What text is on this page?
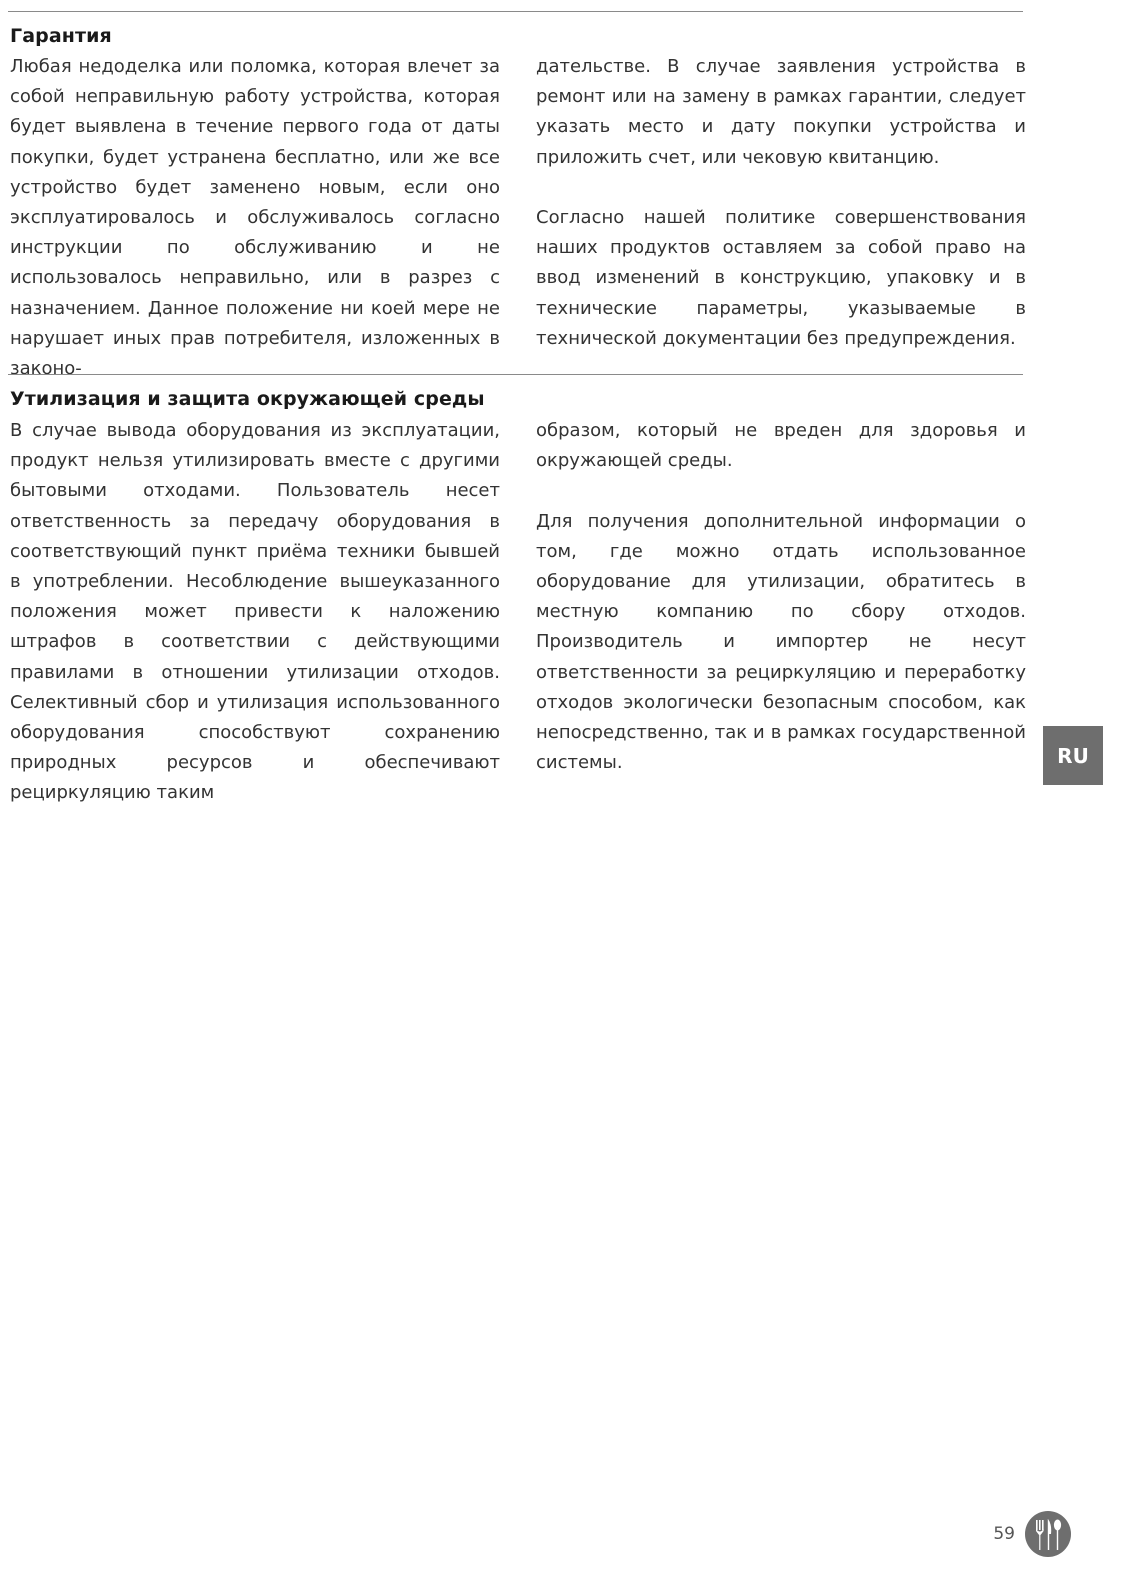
Гарантия

Любая недоделка или поломка, которая влечет за собой неправильную работу устройства, которая будет выявлена в течение первого года от даты покупки, будет устранена бесплатно, или же все устройство будет заменено новым, если оно эксплуатировалось и обслуживалось согласно инструкции по обслуживанию и не использовалось неправильно, или в разрез с назначением. Данное положение ни коей мере не нарушает иных прав потребителя, изложенных в законо-

дательстве. В случае заявления устройства в ремонт или на замену в рамках гарантии, следует указать место и дату покупки устройства и приложить счет, или чековую квитанцию.

Согласно нашей политике совершенствования наших продуктов оставляем за собой право на ввод изменений в конструкцию, упаковку и в технические параметры, указываемые в технической документации без предупреждения.

Утилизация и защита окружающей среды

В случае вывода оборудования из эксплуатации, продукт нельзя утилизировать вместе с другими бытовыми отходами. Пользователь несет ответственность за передачу оборудования в соответствующий пункт приёма техники бывшей в употреблении. Несоблюдение вышеуказанного положения может привести к наложению штрафов в соответствии с действующими правилами в отношении утилизации отходов. Селективный сбор и утилизация использованного оборудования способствуют сохранению природных ресурсов и обеспечивают рециркуляцию таким

образом, который не вреден для здоровья и окружающей среды.

Для получения дополнительной информации о том, где можно отдать использованное оборудование для утилизации, обратитесь в местную компанию по сбору отходов. Производитель и импортер не несут ответственности за рециркуляцию и переработку отходов экологически безопасным способом, как непосредственно, так и в рамках государственной системы.	RU
59
